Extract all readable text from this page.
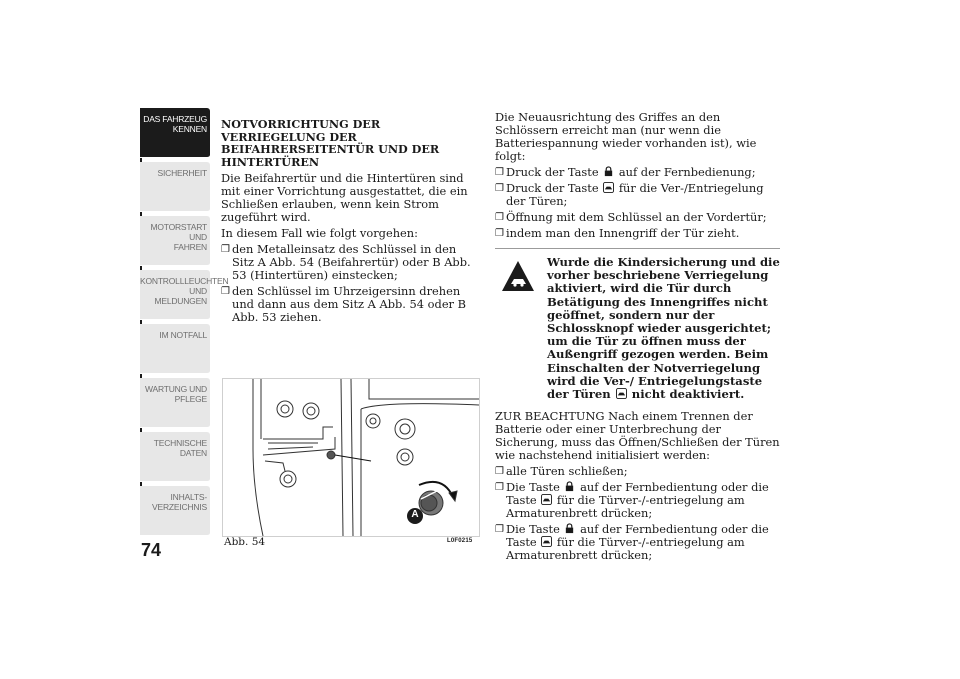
DAS FAHRZEUG
KENNEN
SICHERHEIT
MOTORSTART UND
FAHREN
KONTROLLLEUCHTEN
UND MELDUNGEN
IM NOTFALL
WARTUNG UND
PFLEGE
TECHNISCHE
DATEN
INHALTS-
VERZEICHNIS
74
NOTVORRICHTUNG DER VERRIEGELUNG DER BEIFAHRERSEITENTÜR UND DER HINTERTÜREN

Die Beifahrertür und die Hintertüren sind mit einer Vorrichtung ausgestattet, die ein Schließen erlauben, wenn kein Strom zugeführt wird.

In diesem Fall wie folgt vorgehen:

❐ den Metalleinsatz des Schlüssel in den Sitz A Abb. 54 (Beifahrertür) oder B Abb. 53 (Hintertüren) einstecken;
❐ den Schlüssel im Uhrzeigersinn drehen und dann aus dem Sitz A Abb. 54 oder B Abb. 53 ziehen.
A
Abb. 54	L0F0215

Die Neuausrichtung des Griffes an den Schlössern erreicht man (nur wenn die Batteriespannung wieder vorhanden ist), wie folgt:

❐ Druck der Taste auf der Fernbedienung;
❐ Druck der Taste für die Ver-/Entriegelung der Türen;
❐ Öffnung mit dem Schlüssel an der Vordertür;
❐ indem man den Innengriff der Tür zieht.
Wurde die Kindersicherung und die vorher beschriebene Verriegelung aktiviert, wird die Tür durch Betätigung des Innengriffes nicht geöffnet, sondern nur der Schlossknopf wieder ausgerichtet; um die Tür zu öffnen muss der Außengriff gezogen werden. Beim Einschalten der Notverriegelung wird die Ver-/ Entriegelungstaste der Türen nicht deaktiviert.

ZUR BEACHTUNG Nach einem Trennen der Batterie oder einer Unterbrechung der Sicherung, muss das Öffnen/Schließen der Türen wie nachstehend initialisiert werden:

❐ alle Türen schließen;
❐ Die Taste auf der Fernbedientung oder die Taste für die Türver-/-entriegelung am Armaturenbrett drücken;
❐ Die Taste auf der Fernbedientung oder die Taste für die Türver-/-entriegelung am Armaturenbrett drücken;
